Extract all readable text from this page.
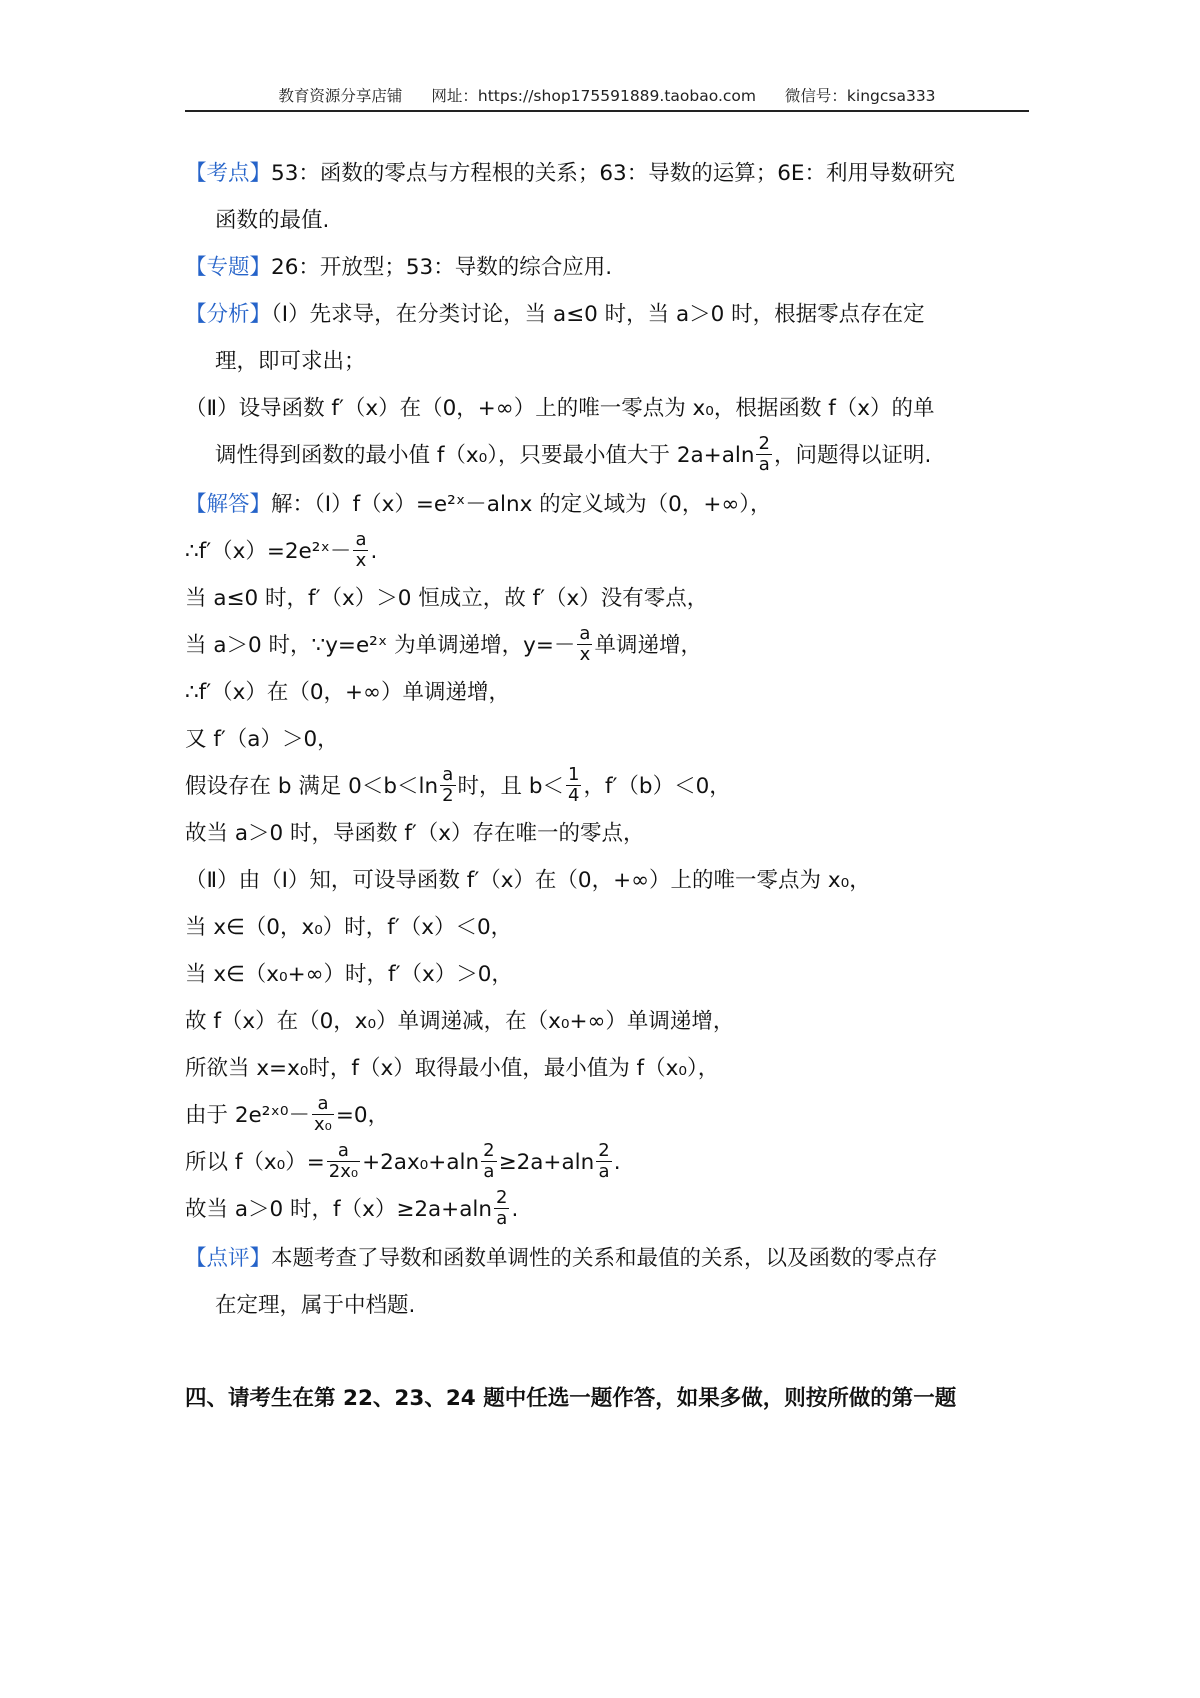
教育资源分享店铺 网址：https://shop175591889.taobao.com 微信号：kingcsa333

【考点】53：函数的零点与方程根的关系；63：导数的运算；6E：利用导数研究

函数的最值.

【专题】26：开放型；53：导数的综合应用.

【分析】（Ⅰ）先求导，在分类讨论，当 a≤0 时，当 a＞0 时，根据零点存在定

理，即可求出；

（Ⅱ）设导函数 f′（x）在（0，+∞）上的唯一零点为 x₀，根据函数 f（x）的单

调性得到函数的最小值 f（x₀），只要最小值大于 $2a+aln \frac{2}{a}$ ，问题得以证明.

【解答】解：（Ⅰ）f（x）=e²ˣ－alnx 的定义域为（0，+∞），

∴f′（x）=2e²ˣ－ $\frac{a}{x}$ .

当 a≤0 时，f′（x）＞0 恒成立，故 f′（x）没有零点，

当 a＞0 时，∵y=e²ˣ 为单调递增，$y=- \frac{a}{x}$ 单调递增，

∴f′（x）在（0，+∞）单调递增，

又 f′（a）＞0，

假设存在 b 满足 $0<b<\ln \frac{a}{2}$ 时，且 $b< \frac{1}{4}$ ，f′（b）＜0，

故当 a＞0 时，导函数 f′（x）存在唯一的零点，

（Ⅱ）由（Ⅰ）知，可设导函数 f′（x）在（0，+∞）上的唯一零点为 x₀，

当 x∈（0，x₀）时，f′（x）＜0，

当 x∈（x₀+∞）时，f′（x）＞0，

故 f（x）在（0，x₀）单调递减，在（x₀+∞）单调递增，

所欲当 x=x₀时，f（x）取得最小值，最小值为 f（x₀），

由于 2e²ˣ⁰－ $\frac{a}{\text{x₀}} =0$，

所以 $f(x_0)= \frac{a}{\text{2x₀}} +2ax_0+aln \frac{2}{a} \ge 2a+aln \frac{2}{a}$ .

故当 a＞0 时，$f(x)\ge 2a+aln \frac{2}{a}$ .

【点评】本题考查了导数和函数单调性的关系和最值的关系，以及函数的零点存

在定理，属于中档题.

四、请考生在第 22、23、24 题中任选一题作答，如果多做，则按所做的第一题
